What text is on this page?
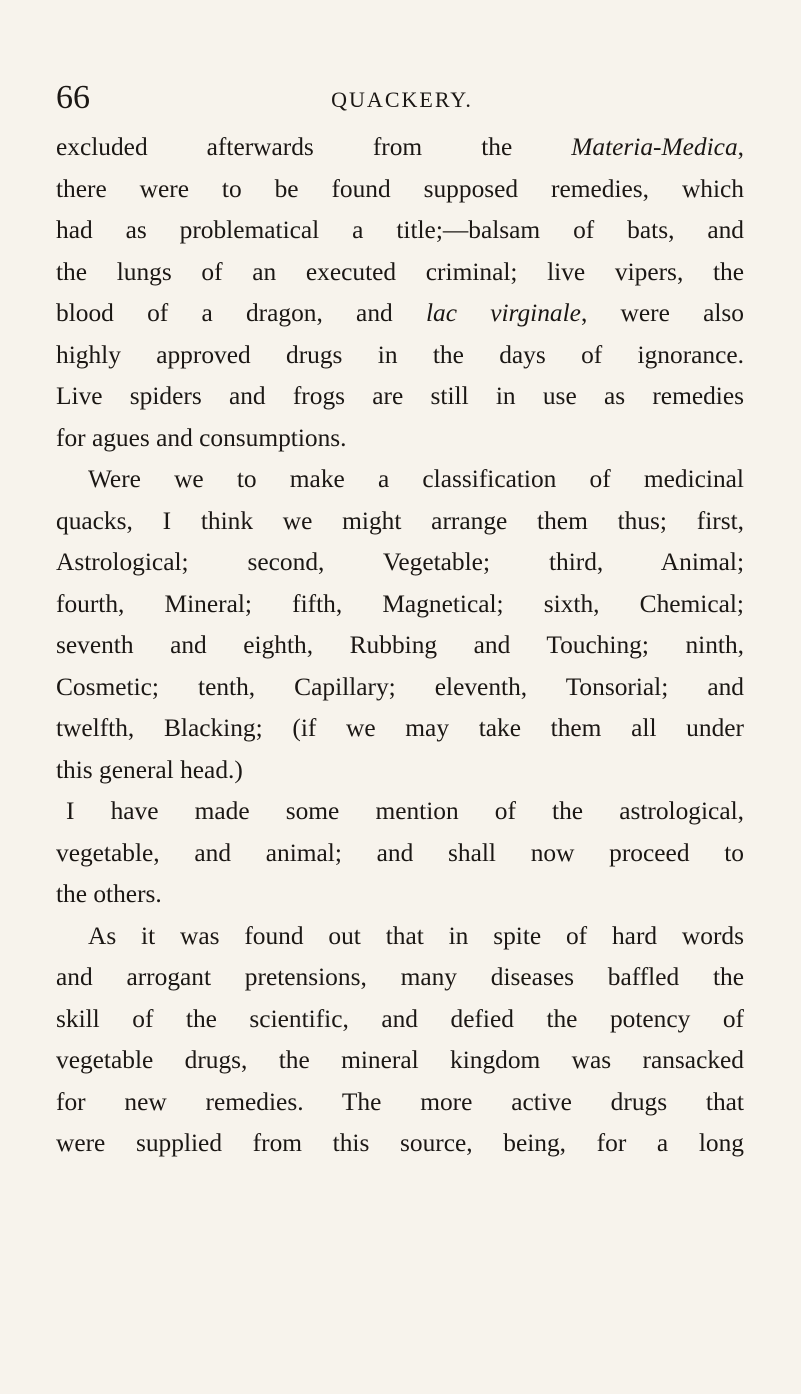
66	QUACKERY.
excluded afterwards from the Materia-Medica,
there were to be found supposed remedies, which
had as problematical a title;—balsam of bats, and
the lungs of an executed criminal; live vipers, the
blood of a dragon, and lac virginale, were also
highly approved drugs in the days of ignorance.
Live spiders and frogs are still in use as remedies
for agues and consumptions.
Were we to make a classification of medicinal
quacks, I think we might arrange them thus; first,
Astrological; second, Vegetable; third, Animal;
fourth, Mineral; fifth, Magnetical; sixth, Chemical;
seventh and eighth, Rubbing and Touching; ninth,
Cosmetic; tenth, Capillary; eleventh, Tonsorial; and
twelfth, Blacking; (if we may take them all under
this general head.)
I have made some mention of the astrological,
vegetable, and animal; and shall now proceed to
the others.
As it was found out that in spite of hard words
and arrogant pretensions, many diseases baffled the
skill of the scientific, and defied the potency of
vegetable drugs, the mineral kingdom was ransacked
for new remedies. The more active drugs that
were supplied from this source, being, for a long
